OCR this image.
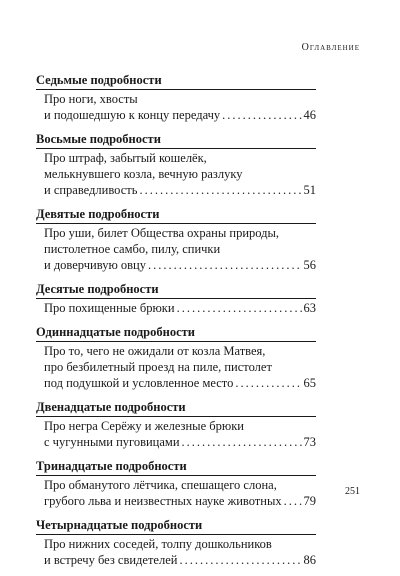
Оглавление
Седьмые подробности
Про ноги, хвосты
и подошедшую к концу передачу .....	46
Восьмые подробности
Про штраф, забытый кошелёк,
мелькнувшего козла, вечную разлуку
и справедливость .....	51
Девятые подробности
Про уши, билет Общества охраны природы,
пистолетное самбо, пилу, спички
и доверчивую овцу .....	56
Десятые подробности
Про похищенные брюки .....	63
Одиннадцатые подробности
Про то, чего не ожидали от козла Матвея,
про безбилетный проезд на пиле, пистолет
под подушкой и условленное место .....	65
Двенадцатые подробности
Про негра Серёжу и железные брюки
с чугунными пуговицами .....	73
Тринадцатые подробности
Про обманутого лётчика, спешащего слона,
грубого льва и неизвестных науке животных ..... 79
Четырнадцатые подробности
Про нижних соседей, толпу дошкольников
и встречу без свидетелей .....	86
251
